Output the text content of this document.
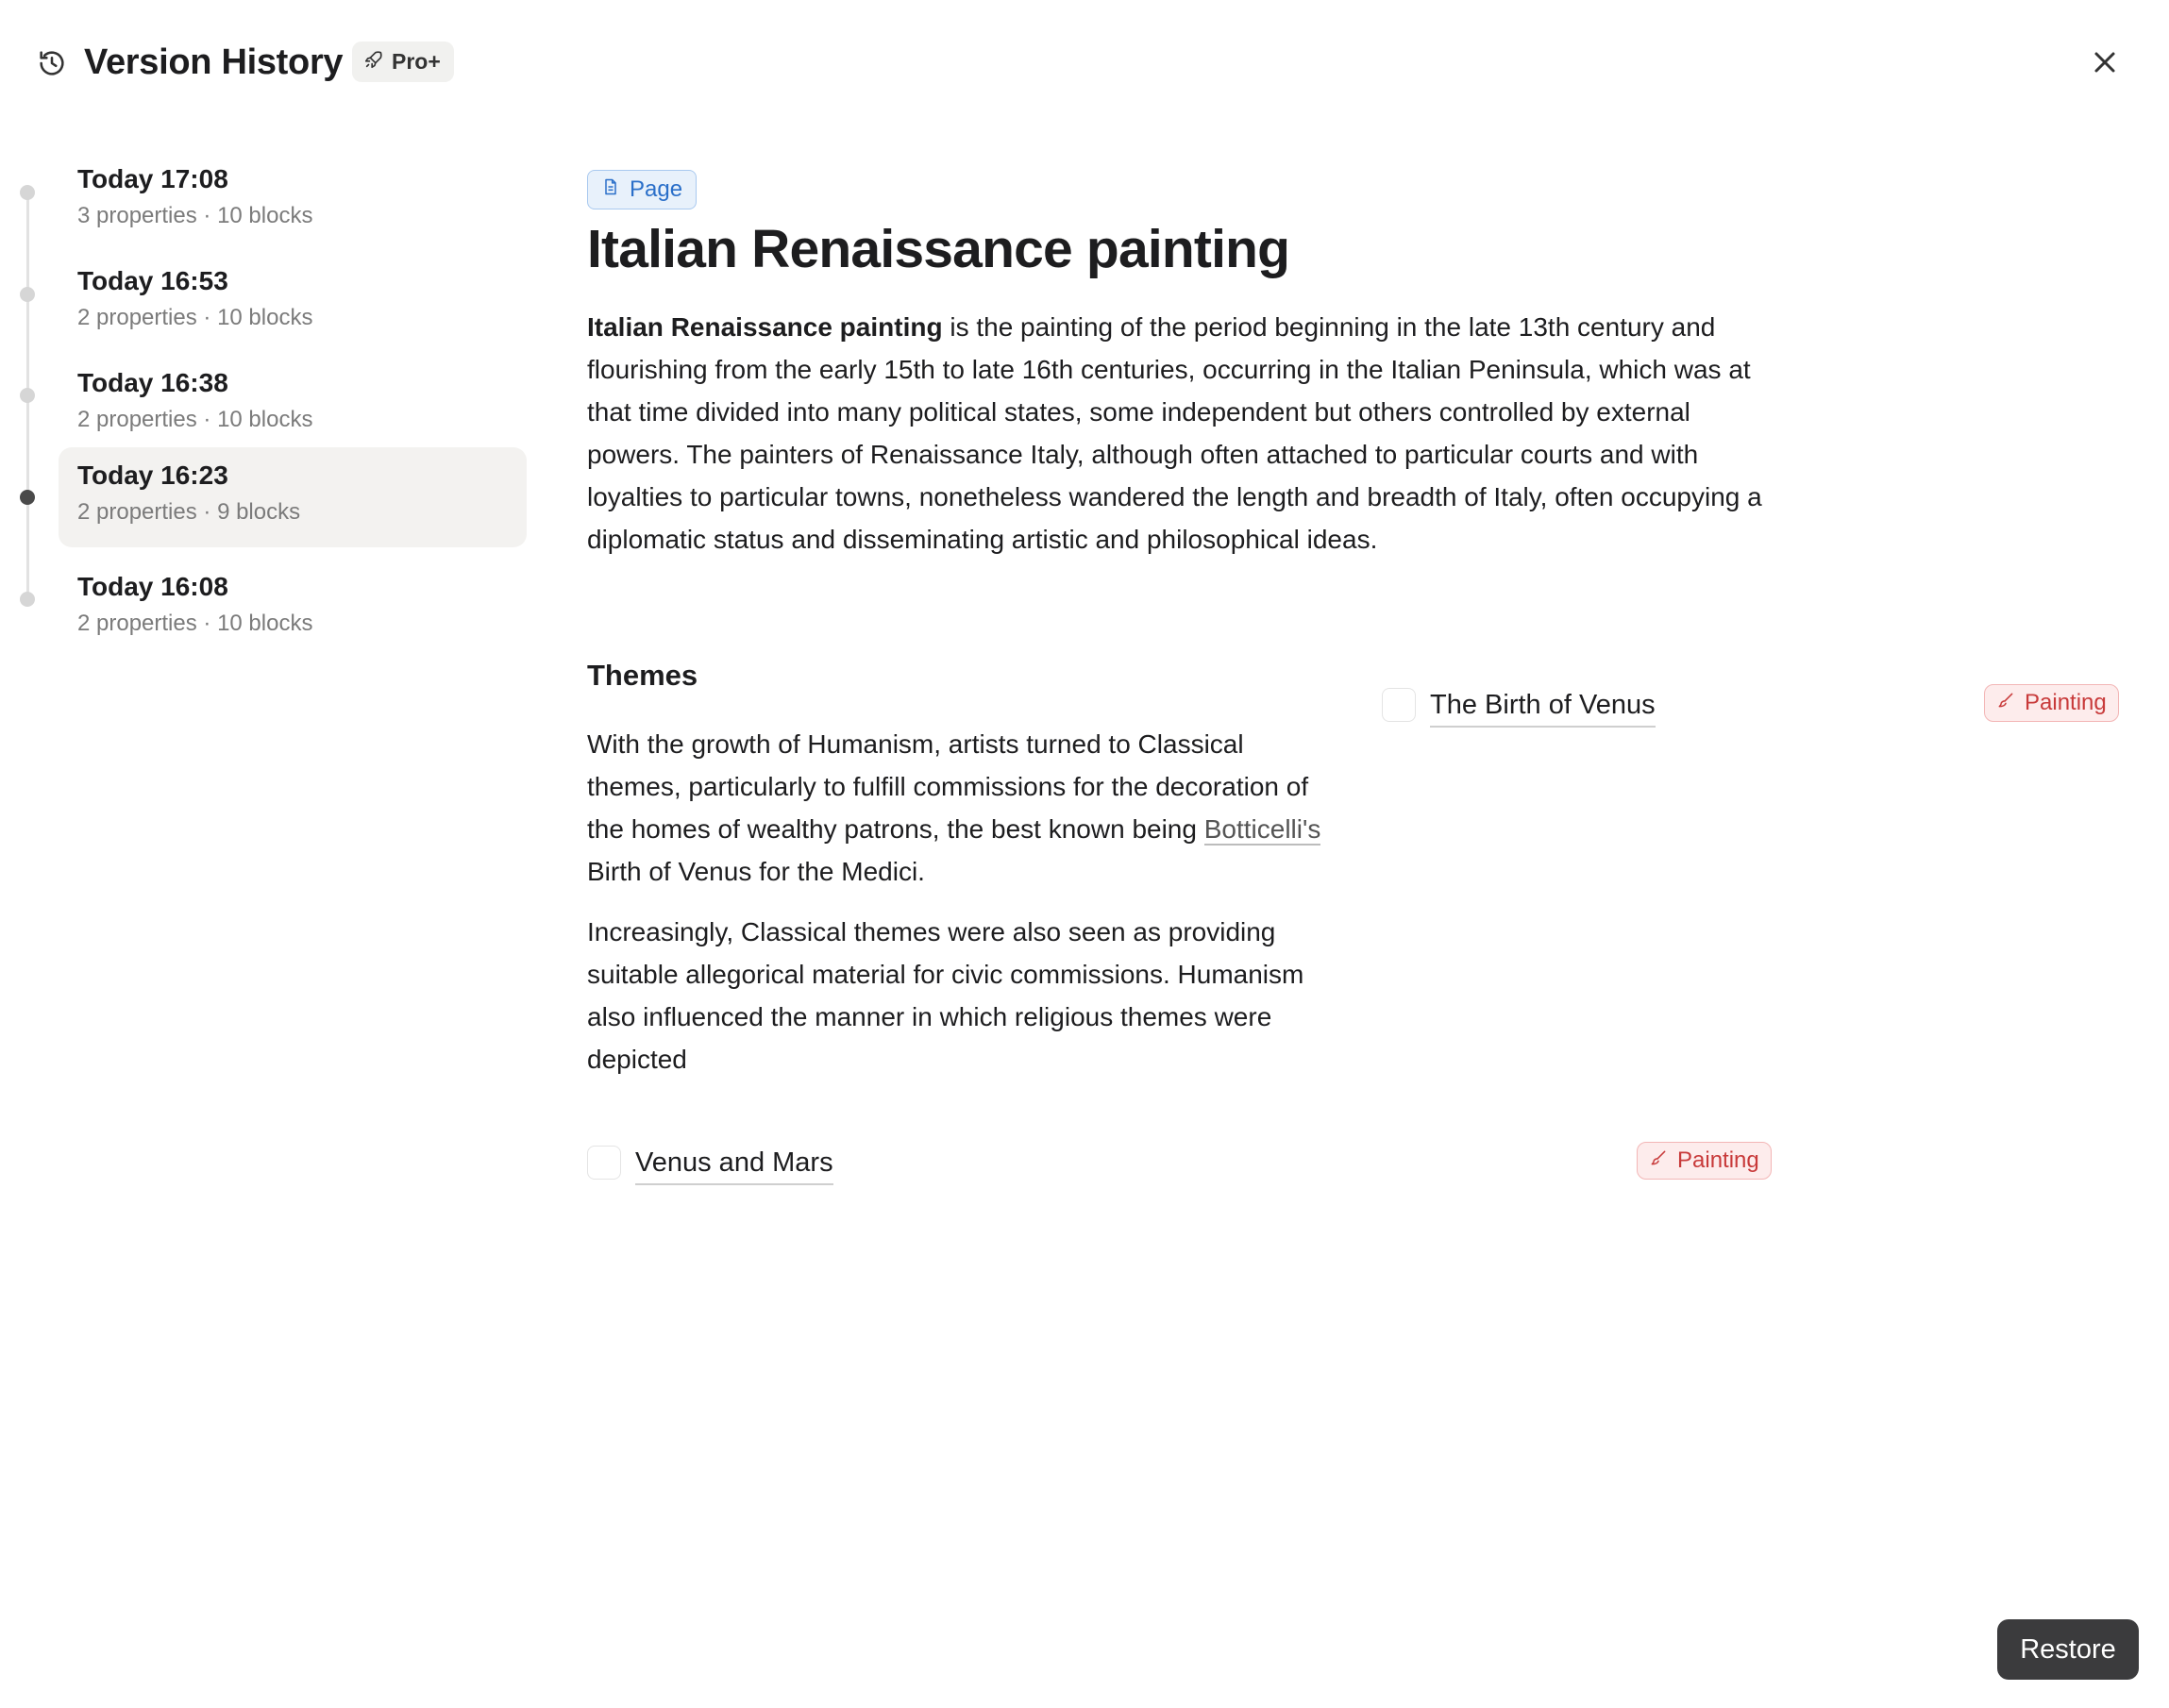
Version History Pro+
Today 17:08
3 properties · 10 blocks
Today 16:53
2 properties · 10 blocks
Today 16:38
2 properties · 10 blocks
Today 16:23
2 properties · 9 blocks
Today 16:08
2 properties · 10 blocks
Page
Italian Renaissance painting
Italian Renaissance painting is the painting of the period beginning in the late 13th century and flourishing from the early 15th to late 16th centuries, occurring in the Italian Peninsula, which was at that time divided into many political states, some independent but others controlled by external powers. The painters of Renaissance Italy, although often attached to particular courts and with loyalties to particular towns, nonetheless wandered the length and breadth of Italy, often occupying a diplomatic status and disseminating artistic and philosophical ideas.
Themes
With the growth of Humanism, artists turned to Classical themes, particularly to fulfill commissions for the decoration of the homes of wealthy patrons, the best known being Botticelli's Birth of Venus for the Medici.
Increasingly, Classical themes were also seen as providing suitable allegorical material for civic commissions. Humanism also influenced the manner in which religious themes were depicted
The Birth of Venus	Painting
Venus and Mars	Painting
Restore
